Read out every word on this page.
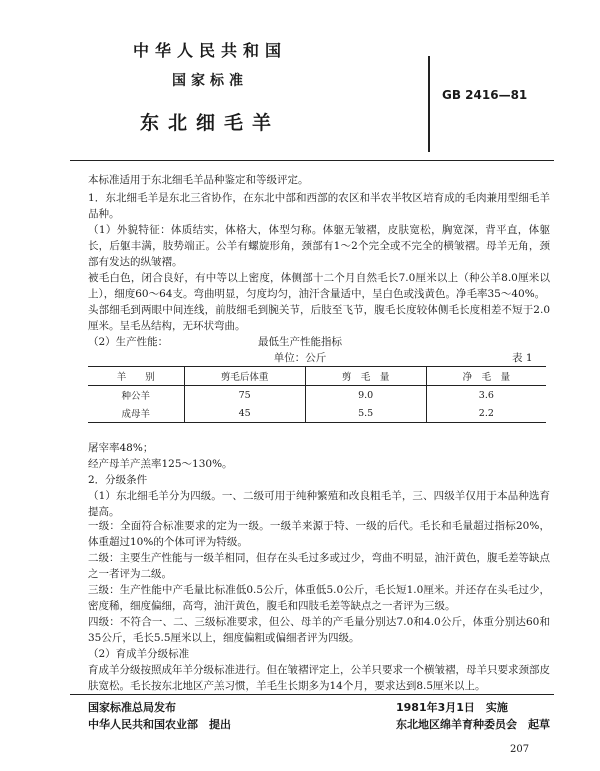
中华人民共和国
国家标准
东北细毛羊
GB 2416—81
本标准适用于东北细毛羊品种鉴定和等级评定。
1．东北细毛羊是东北三省协作，在东北中部和西部的农区和半农半牧区培育成的毛肉兼用型细毛羊品种。
（1）外貌特征：体质结实，体格大，体型匀称。体躯无皱褶，皮肤宽松，胸宽深，背平直，体躯长，后躯丰满，肢势端正。公羊有螺旋形角，颈部有1～2个完全或不完全的横皱褶。母羊无角，颈部有发达的纵皱褶。
被毛白色，闭合良好，有中等以上密度，体侧部十二个月自然毛长7.0厘米以上（种公羊8.0厘米以上），细度60～64支。弯曲明显，匀度均匀，油汗含量适中，呈白色或浅黄色。净毛率35～40%。
头部细毛到两眼中间连线，前肢细毛到腕关节，后肢至飞节，腹毛长度较体侧毛长度相差不短于2.0厘米。呈毛丛结构，无环状弯曲。
（2）生产性能：	最低生产性能指标
单位：公斤	表 1
羊　　别	剪毛后体重	剪　毛　量	净　毛　量
种公羊	75	9.0	3.6
成母羊	45	5.5	2.2
屠宰率48%；
经产母羊产羔率125～130%。
2．分级条件
（1）东北细毛羊分为四级。一、二级可用于纯种繁殖和改良粗毛羊，三、四级羊仅用于本品种选育提高。
一级：全面符合标准要求的定为一级。一级羊来源于特、一级的后代。毛长和毛量超过指标20%，体重超过10%的个体可评为特级。
二级：主要生产性能与一级羊相同，但存在头毛过多或过少，弯曲不明显，油汗黄色，腹毛差等缺点之一者评为二级。
三级：生产性能中产毛量比标准低0.5公斤，体重低5.0公斤，毛长短1.0厘米。并还存在头毛过少，密度稀，细度偏细，高弯，油汗黄色，腹毛和四肢毛差等缺点之一者评为三级。
四级：不符合一、二、三级标准要求，但公、母羊的产毛量分别达7.0和4.0公斤，体重分别达60和35公斤，毛长5.5厘米以上，细度偏粗或偏细者评为四级。
（2）育成羊分级标准
育成羊分级按照成年羊分级标准进行。但在皱褶评定上，公羊只要求一个横皱褶，母羊只要求颈部皮肤宽松。毛长按东北地区产羔习惯，羊毛生长期多为14个月，要求达到8.5厘米以上。
国家标准总局发布
中华人民共和国农业部　提出
1981年3月1日　实施
东北地区绵羊育种委员会　起草
207
